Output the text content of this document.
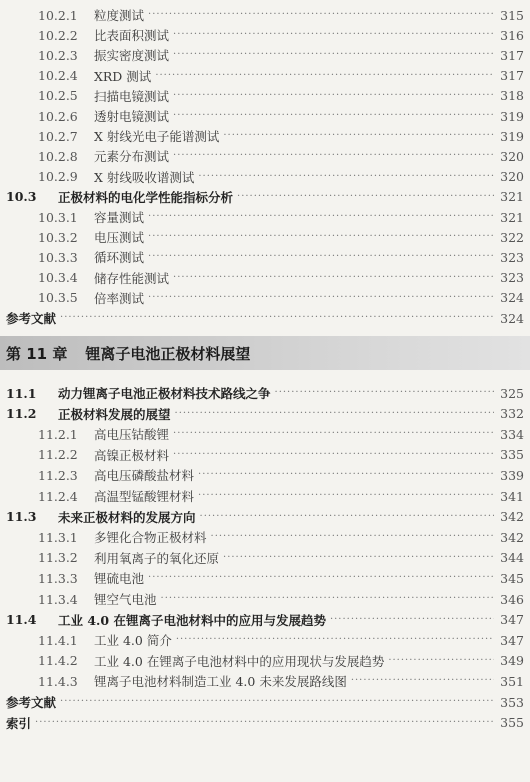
10.2.1	粒度测试 ·····	315
10.2.2	比表面积测试 ·····	316
10.2.3	振实密度测试 ·····	317
10.2.4	XRD 测试 ·····	317
10.2.5	扫描电镜测试 ·····	318
10.2.6	透射电镜测试 ·····	319
10.2.7	X 射线光电子能谱测试 ·····	319
10.2.8	元素分布测试 ·····	320
10.2.9	X 射线吸收谱测试 ·····	320
10.3	正极材料的电化学性能指标分析 ·····	321
10.3.1	容量测试 ·····	321
10.3.2	电压测试 ·····	322
10.3.3	循环测试 ·····	323
10.3.4	储存性能测试 ·····	323
10.3.5	倍率测试 ·····	324
参考文献 ·····	324
第 11 章 锂离子电池正极材料展望
11.1	动力锂离子电池正极材料技术路线之争 ·····	325
11.2	正极材料发展的展望 ·····	332
11.2.1	高电压钴酸锂 ·····	334
11.2.2	高镍正极材料 ·····	335
11.2.3	高电压磷酸盐材料 ·····	339
11.2.4	高温型锰酸锂材料 ·····	341
11.3	未来正极材料的发展方向 ·····	342
11.3.1	多锂化合物正极材料 ·····	342
11.3.2	利用氧离子的氧化还原 ·····	344
11.3.3	锂硫电池 ·····	345
11.3.4	锂空气电池 ·····	346
11.4	工业 4.0 在锂离子电池材料中的应用与发展趋势 ·····	347
11.4.1	工业 4.0 简介 ·····	347
11.4.2	工业 4.0 在锂离子电池材料中的应用现状与发展趋势 ·····	349
11.4.3	锂离子电池材料制造工业 4.0 未来发展路线图 ·····	351
参考文献 ·····	353
索引 ·····	355
